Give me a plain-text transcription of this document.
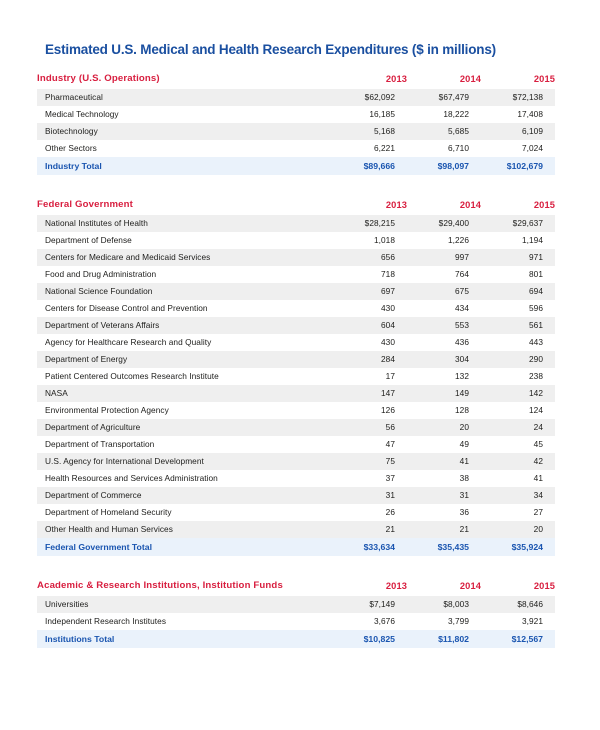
Estimated U.S. Medical and Health Research Expenditures ($ in millions)
Industry (U.S. Operations)	2013	2014	2015
Pharmaceutical	$62,092	$67,479	$72,138
Medical Technology	16,185	18,222	17,408
Biotechnology	5,168	5,685	6,109
Other Sectors	6,221	6,710	7,024
Industry Total	$89,666	$98,097	$102,679
Federal Government	2013	2014	2015
National Institutes of Health	$28,215	$29,400	$29,637
Department of Defense	1,018	1,226	1,194
Centers for Medicare and Medicaid Services	656	997	971
Food and Drug Administration	718	764	801
National Science Foundation	697	675	694
Centers for Disease Control and Prevention	430	434	596
Department of Veterans Affairs	604	553	561
Agency for Healthcare Research and Quality	430	436	443
Department of Energy	284	304	290
Patient Centered Outcomes Research Institute	17	132	238
NASA	147	149	142
Environmental Protection Agency	126	128	124
Department of Agriculture	56	20	24
Department of Transportation	47	49	45
U.S. Agency for International Development	75	41	42
Health Resources and Services Administration	37	38	41
Department of Commerce	31	31	34
Department of Homeland Security	26	36	27
Other Health and Human Services	21	21	20
Federal Government Total	$33,634	$35,435	$35,924
Academic & Research Institutions, Institution Funds	2013	2014	2015
Universities	$7,149	$8,003	$8,646
Independent Research Institutes	3,676	3,799	3,921
Institutions Total	$10,825	$11,802	$12,567
